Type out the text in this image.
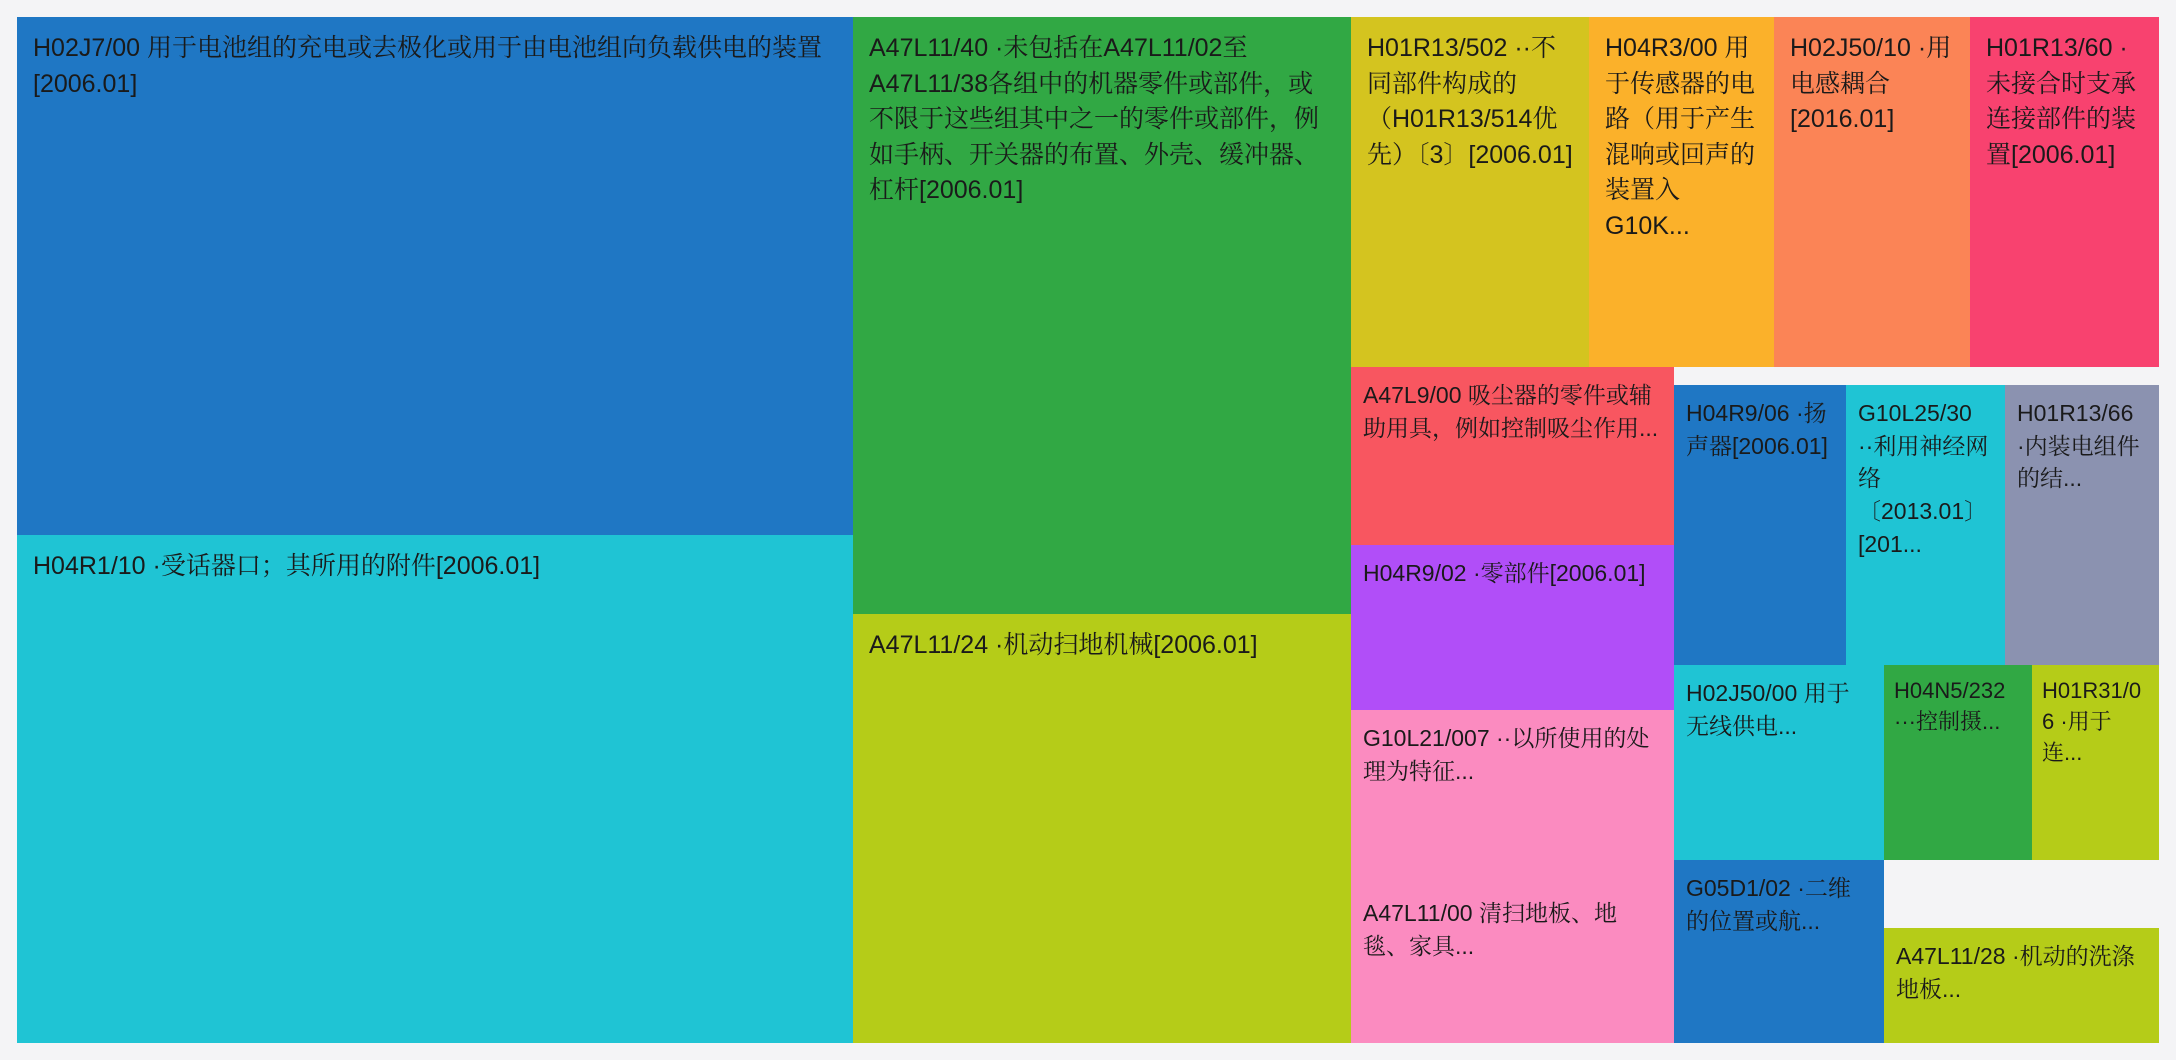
H02J7/00 用于电池组的充电或去极化或用于由电池组向负载供电的装置[2006.01]
H04R1/10 ·受话器口；其所用的附件[2006.01]
A47L11/40 ·未包括在A47L11/02至A47L11/38各组中的机器零件或部件，或不限于这些组其中之一的零件或部件，例如手柄、开关器的布置、外壳、缓冲器、杠杆[2006.01]
A47L11/24 ·机动扫地机械[2006.01]
H01R13/502 ··不同部件构成的（H01R13/514优先）〔3〕[2006.01]
H04R3/00 用于传感器的电路（用于产生混响或回声的装置入G10K...
H02J50/10 ·用电感耦合[2016.01]
H01R13/60 ·未接合时支承连接部件的装置[2006.01]
A47L9/00 吸尘器的零件或辅助用具，例如控制吸尘作用...
H04R9/02 ·零部件[2006.01]
G10L21/007 ··以所使用的处理为特征...
A47L11/00 清扫地板、地毯、家具...
H04R9/06 ·扬声器[2006.01]
G10L25/30 ··利用神经网络〔2013.01〕[201...
H01R13/66 ·内装电组件的结...
H02J50/00 用于无线供电...
H04N5/232 ···控制摄...
H01R31/06 ·用于连...
G05D1/02 ·二维的位置或航...
A47L11/28 ·机动的洗涤地板...
